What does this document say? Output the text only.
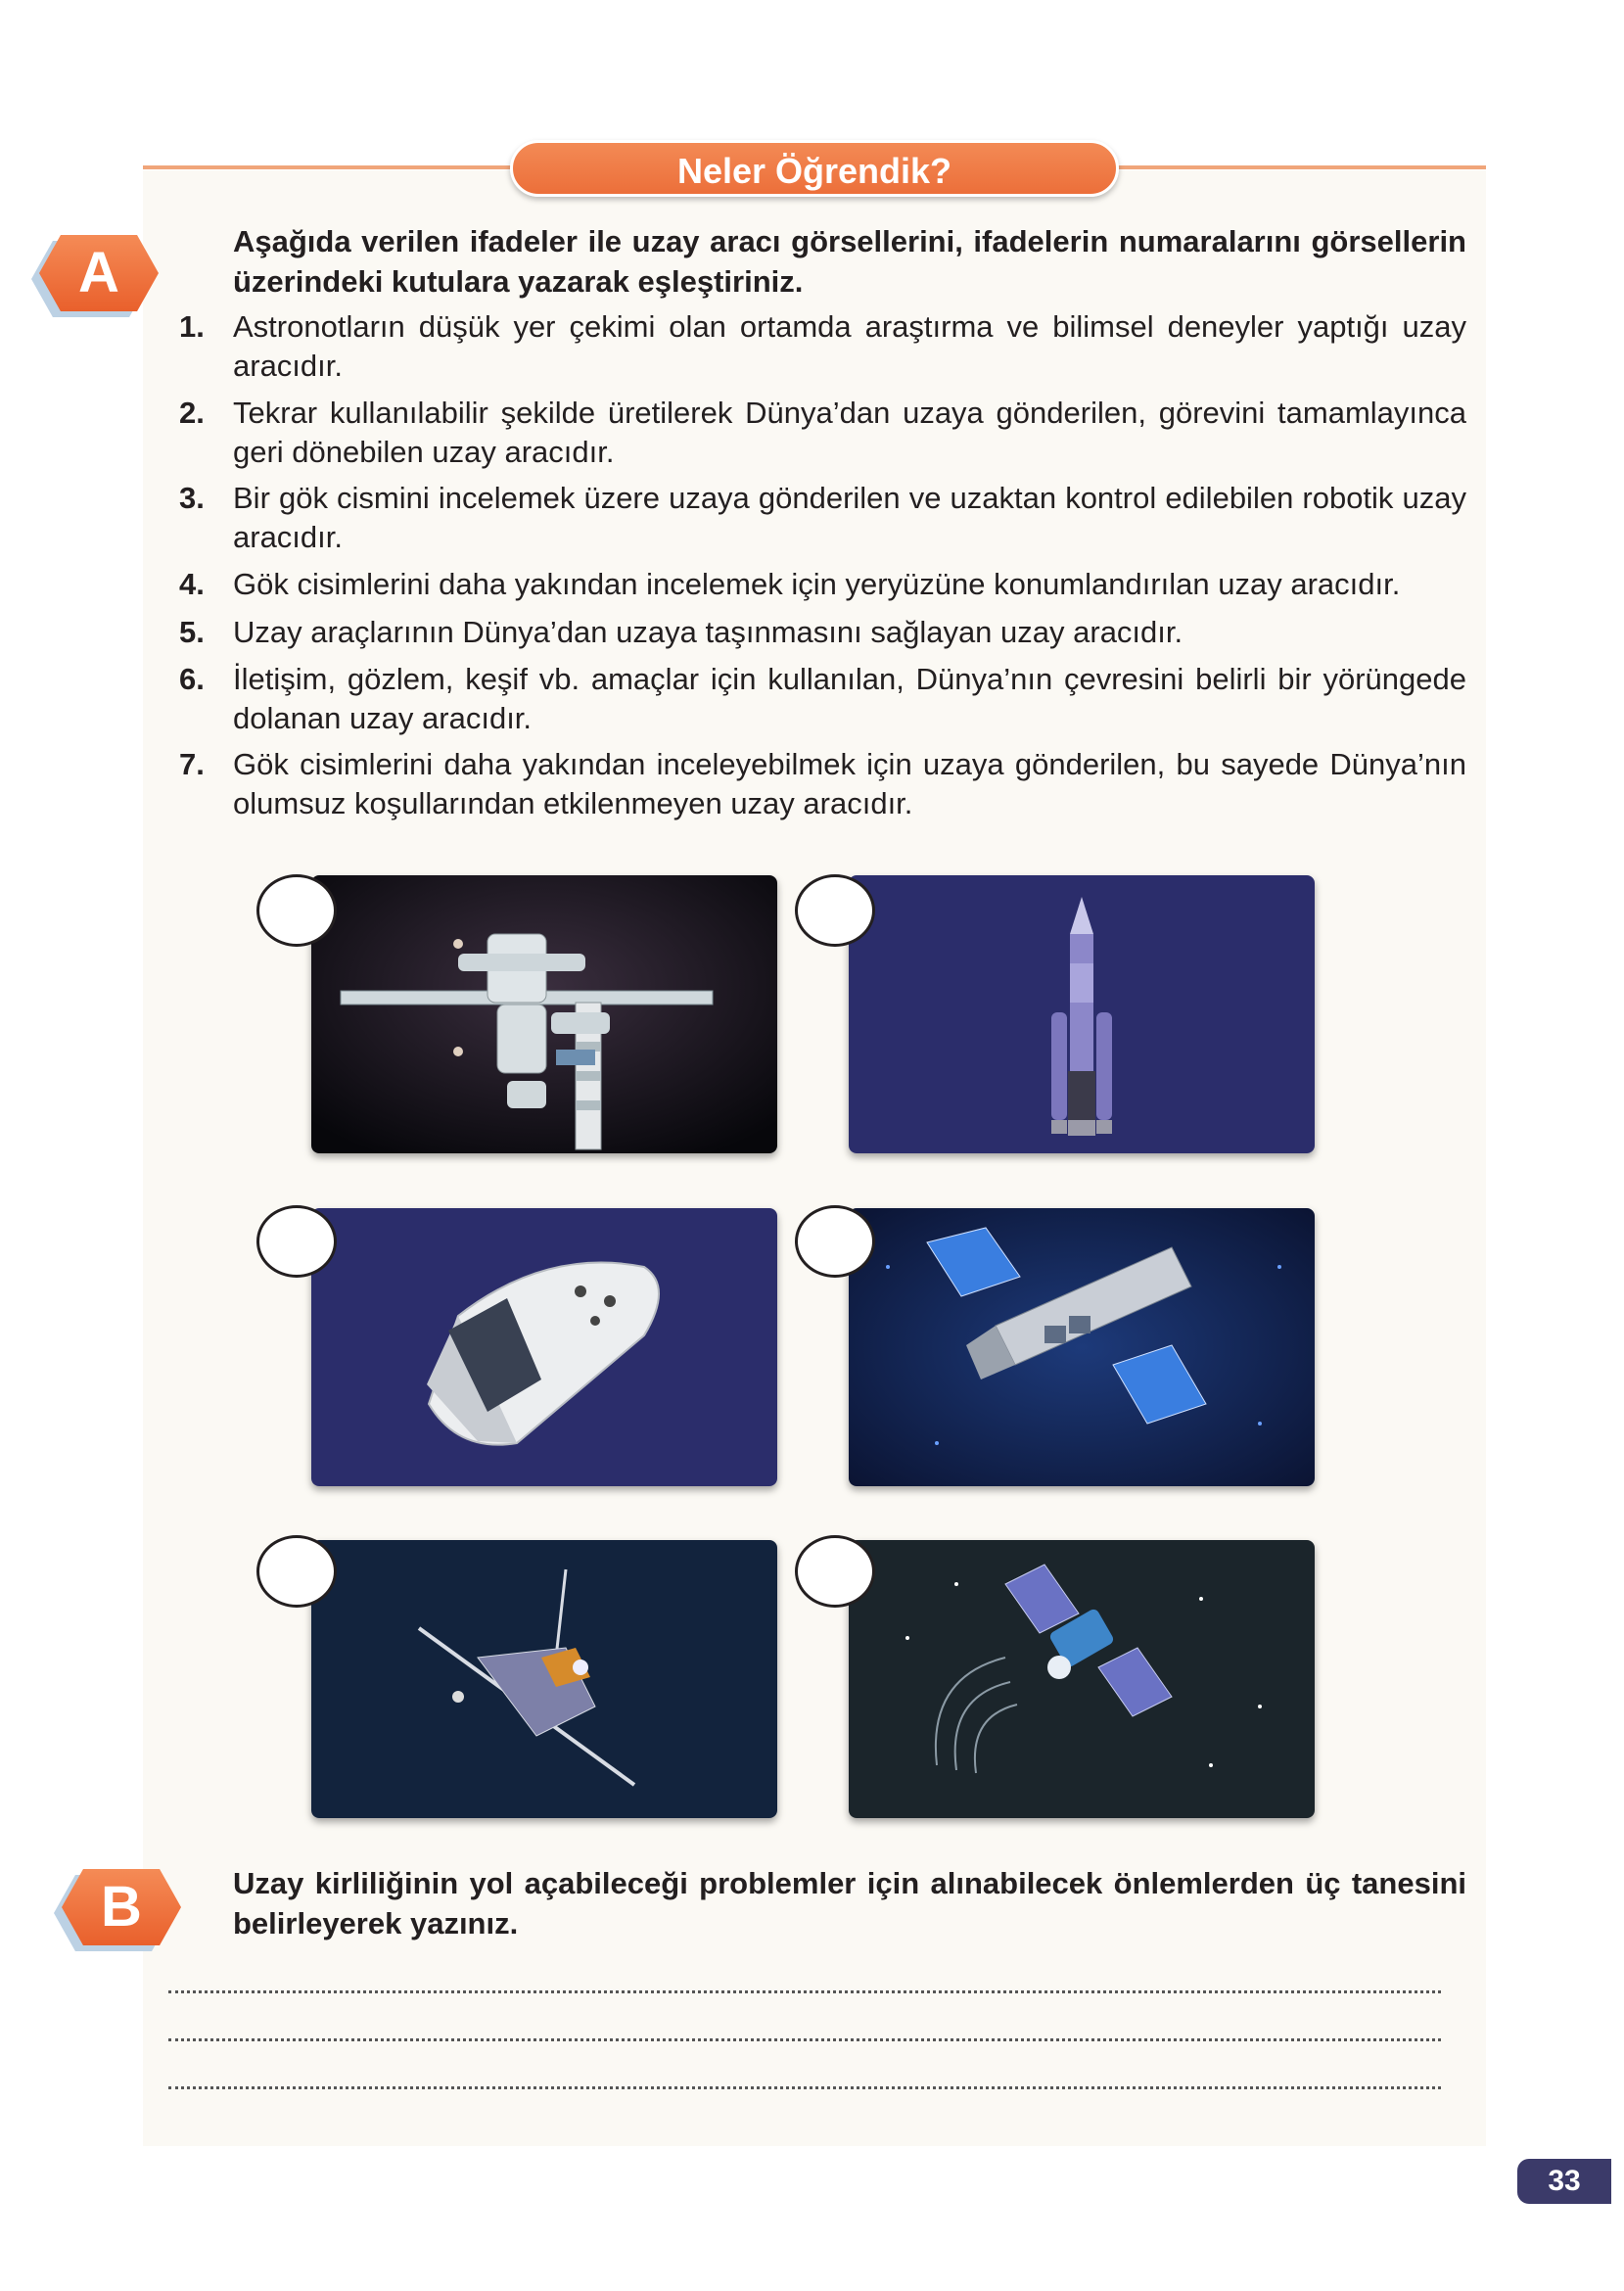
Neler Öğrendik?
A	Aşağıda verilen ifadeler ile uzay aracı görsellerini, ifadelerin numaralarını görsellerin üzerindeki kutulara yazarak eşleştiriniz.
1. Astronotların düşük yer çekimi olan ortamda araştırma ve bilimsel deneyler yaptığı uzay aracıdır.
2. Tekrar kullanılabilir şekilde üretilerek Dünya’dan uzaya gönderilen, görevini tamamlayınca geri dönebilen uzay aracıdır.
3. Bir gök cismini incelemek üzere uzaya gönderilen ve uzaktan kontrol edilebilen robotik uzay aracıdır.
4. Gök cisimlerini daha yakından incelemek için yeryüzüne konumlandırılan uzay aracıdır.
5. Uzay araçlarının Dünya’dan uzaya taşınmasını sağlayan uzay aracıdır.
6. İletişim, gözlem, keşif vb. amaçlar için kullanılan, Dünya’nın çevresini belirli bir yörüngede dolanan uzay aracıdır.
7. Gök cisimlerini daha yakından inceleyebilmek için uzaya gönderilen, bu sayede Dünya’nın olumsuz koşullarından etkilenmeyen uzay aracıdır.
B	Uzay kirliliğinin yol açabileceği problemler için alınabilecek önlemlerden üç tanesini belirleyerek yazınız.
33
